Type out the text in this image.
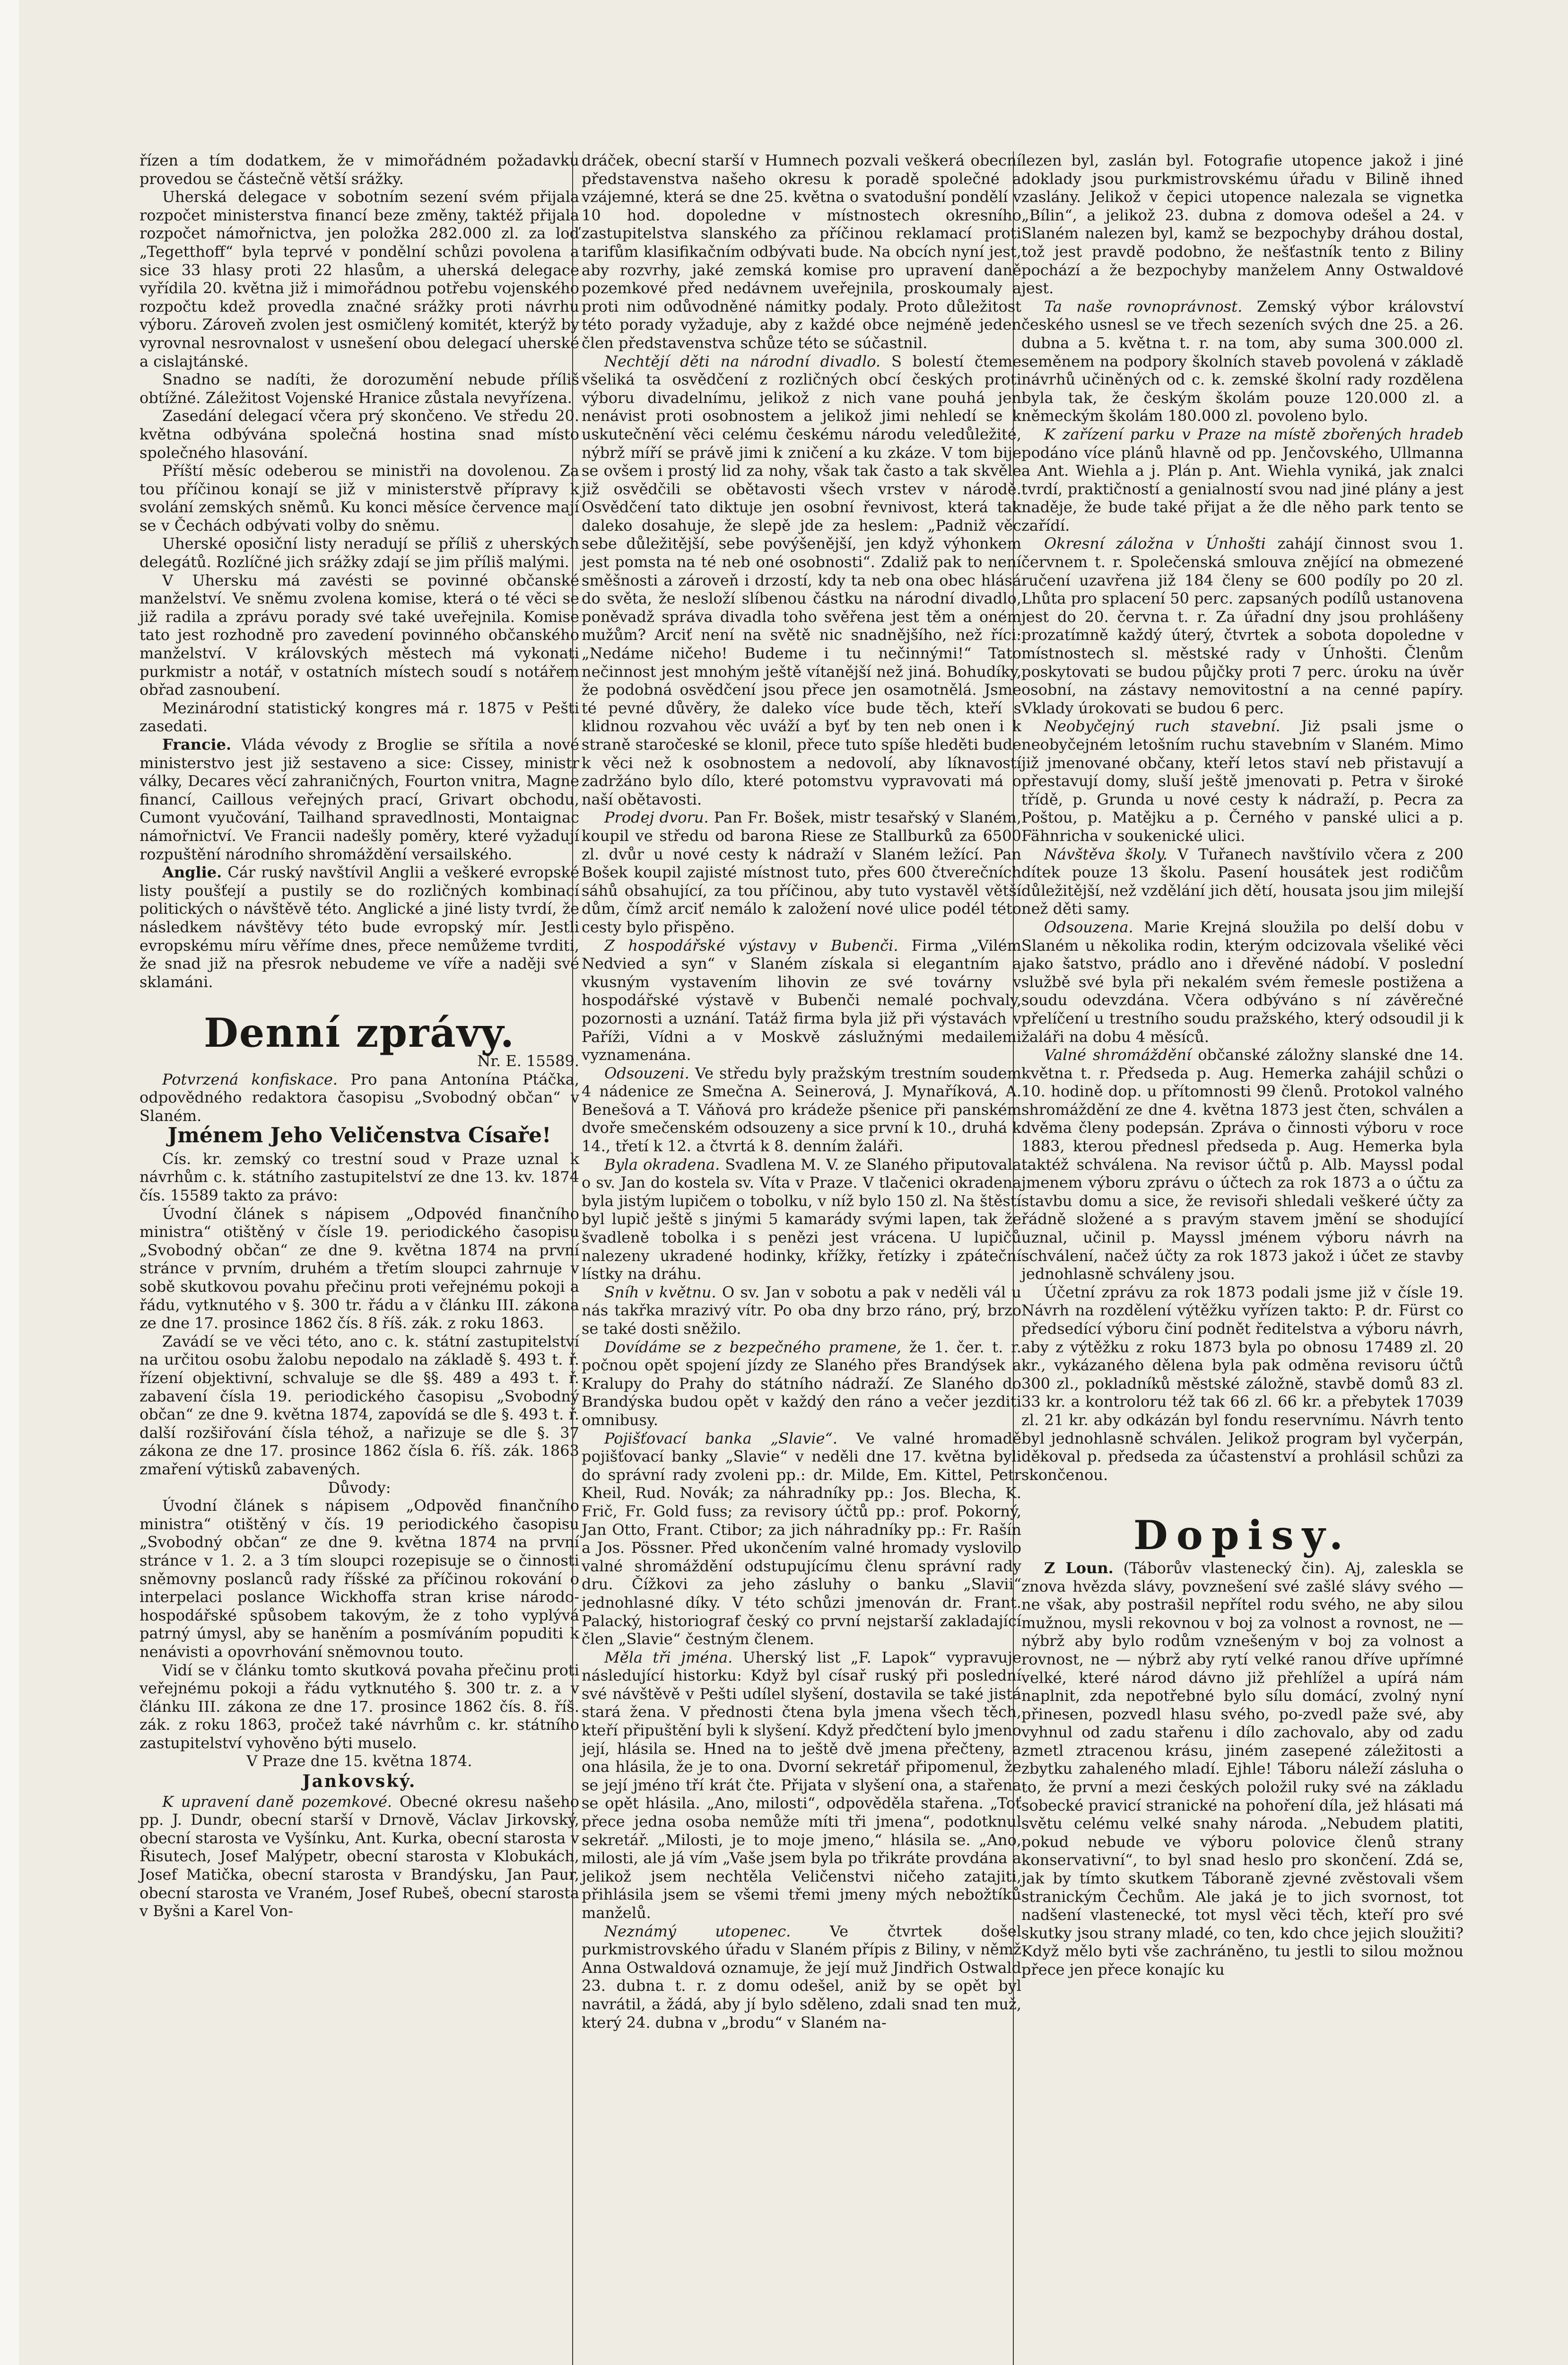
řízen a tím dodatkem, že v mimořádném požadavku provedou se částečně větší srážky.

Uherská delegace v sobotním sezení svém přijala rozpočet ministerstva financí beze změny, taktéž přijala rozpočet námořnictva, jen položka 282.000 zl. za loď „Tegetthoff“ byla teprvé v pondělní schůzi povolena a sice 33 hlasy proti 22 hlasům, a uherská delegace vyřídila 20. května již i mimořádnou potřebu vojenského rozpočtu kdež provedla značné srážky proti návrhu výboru. Zároveň zvolen jest osmičlený komitét, kterýž by vyrovnal nesrovnalost v usnešení obou delegací uherské a cislajtánské.

Snadno se nadíti, že dorozumění nebude příliš obtížné. Záležitost Vojenské Hranice zůstala nevyřízena.

Zasedání delegací včera prý skončeno. Ve středu 20. května odbývána společná hostina snad místo společného hlasování.

Příští měsíc odeberou se ministři na dovolenou. Za tou příčinou konají se již v ministerstvě přípravy k svolání zemských sněmů. Ku konci měsíce července mají se v Čechách odbývati volby do sněmu.

Uherské oposiční listy neradují se příliš z uherských delegátů. Rozlíčné jich srážky zdají se jim příliš malými.

V Uhersku má zavésti se povinné občanské manželství. Ve sněmu zvolena komise, která o té věci se již radila a zprávu porady své také uveřejnila. Komise tato jest rozhodně pro zavedení povinného občanského manželství. V královských městech má vykonati purkmistr a notář, v ostatních místech soudí s notářem obřad zasnoubení.

Mezinárodní statistický kongres má r. 1875 v Pešti zasedati.

Francie. Vláda vévody z Broglie se sřítila a nové ministerstvo jest již sestaveno a sice: Cissey, ministr války, Decares věcí zahraničných, Fourton vnitra, Magne financí, Caillous veřejných prací, Grivart obchodu, Cumont vyučování, Tailhand spravedlnosti, Montaignac námořnictví. Ve Francii nadešly poměry, které vyžadují rozpuštění národního shromáždění versailského.

Anglie. Cár ruský navštívil Anglii a veškeré evropské listy poušťejí a pustily se do rozličných kombinací politických o návštěvě této. Anglické a jiné listy tvrdí, že následkem návštěvy této bude evropský mír. Jestli evropskému míru věříme dnes, přece nemůžeme tvrditi, že snad již na přesrok nebudeme ve víře a naději své sklamáni.

Denní zprávy.

Nr. E. 15589.

Potvrzená konfiskace. Pro pana Antonína Ptáčka, odpovědného redaktora časopisu „Svobodný občan“ v Slaném.

Jménem Jeho Veličenstva Císaře!

Cís. kr. zemský co trestní soud v Praze uznal k návrhům c. k. státního zastupitelství ze dne 13. kv. 1874 čís. 15589 takto za právo:

Úvodní článek s nápisem „Odpovéd finančního ministra“ otištěný v čísle 19. periodického časopisu „Svobodný občan“ ze dne 9. května 1874 na první stránce v prvním, druhém a třetím sloupci zahrnuje v sobě skutkovou povahu přečinu proti veřejnému pokoji a řádu, vytknutého v §. 300 tr. řádu a v článku III. zákona ze dne 17. prosince 1862 čís. 8 říš. zák. z roku 1863.

Zavádí se ve věci této, ano c. k. státní zastupitelství na určitou osobu žalobu nepodalo na základě §. 493 t. ř. řízení objektivní, schvaluje se dle §§. 489 a 493 t. ř. zabavení čísla 19. periodického časopisu „Svobodný občan“ ze dne 9. května 1874, zapovídá se dle §. 493 t. ř. další rozšiřování čísla téhož, a nařizuje se dle §. 37 zákona ze dne 17. prosince 1862 čísla 6. říš. zák. 1863 zmaření výtisků zabavených.

Důvody:

Úvodní článek s nápisem „Odpověd finančního ministra“ otištěný v čís. 19 periodického časopisu „Svobodný občan“ ze dne 9. května 1874 na první stránce v 1. 2. a 3 tím sloupci rozepisuje se o činnosti sněmovny poslanců rady říšské za příčinou rokování o interpelaci poslance Wickhoffa stran krise národo-hospodářské spůsobem takovým, že z toho vyplývá patrný úmysl, aby se haněním a posmíváním popuditi k nenávisti a opovrhování sněmovnou touto.

Vidí se v článku tomto skutková povaha přečinu proti veřejnému pokoji a řádu vytknutého §. 300 tr. z. a v článku III. zákona ze dne 17. prosince 1862 čís. 8. říš. zák. z roku 1863, pročež také návrhům c. kr. státního zastupitelství vyhověno býti muselo.

V Praze dne 15. května 1874.

Jankovský.

K upravení daně pozemkové. Obecné okresu našeho pp. J. Dundr, obecní starší v Drnově, Václav Jirkovský, obecní starosta ve Vyšínku, Ant. Kurka, obecní starosta v Řisutech, Josef Malýpetr, obecní starosta v Klobukách, Josef Matička, obecní starosta v Brandýsku, Jan Paur, obecní starosta ve Vraném, Josef Rubeš, obecní starosta v Byšni a Karel Von-

dráček, obecní starší v Humnech pozvali veškerá obecní představenstva našeho okresu k poradě společné a vzájemné, která se dne 25. května o svatodušní pondělí v 10 hod. dopoledne v místnostech okresního zastupitelstva slanského za příčinou reklamací proti tarifům klasifikačním odbývati bude. Na obcích nyní jest, aby rozvrhy, jaké zemská komise pro upravení daně pozemkové před nedávnem uveřejnila, proskoumaly a proti nim odůvodněné námitky podaly. Proto důležitost této porady vyžaduje, aby z každé obce nejméně jeden člen představenstva schůze této se súčastnil.

Nechtějí děti na národní divadlo. S bolestí čteme všeliká ta osvědčení z rozličných obcí českých proti výboru divadelnímu, jelikož z nich vane pouhá jen nenávist proti osobnostem a jelikož jimi nehledí se k uskutečnění věci celému českému národu veledůležité, nýbrž míří se právě jimi k zničení a ku zkáze. V tom bije se ovšem i prostý lid za nohy, však tak často a tak skvěle již osvědčili se obětavosti všech vrstev v národě. Osvědčení tato diktuje jen osobní řevnivost, která tak daleko dosahuje, že slepě jde za heslem: „Padniž věc sebe důležitější, sebe povýšenější, jen když výhonkem jest pomsta na té neb oné osobnosti“. Zdaliž pak to není směšnosti a zároveň i drzostí, kdy ta neb ona obec hlásá do světa, že nesloží slíbenou částku na národní divadlo, poněvadž správa divadla toho svěřena jest těm a oném mužům? Arciť není na světě nic snadnějšího, než říci: „Nedáme ničeho! Budeme i tu nečinnými!“ Tato nečinnost jest mnohým ještě vítanější než jiná. Bohudíky, že podobná osvědčení jsou přece jen osamotnělá. Jsme té pevné důvěry, že daleko více bude těch, kteří s klidnou rozvahou věc uváží a byť by ten neb onen i k straně staročeské se klonil, přece tuto spíše hleděti bude k věci než k osobnostem a nedovolí, aby líknavostí zadržáno bylo dílo, které potomstvu vypravovati má o naší obětavosti.

Prodej dvoru. Pan Fr. Bošek, mistr tesařský v Slaném, koupil ve středu od barona Riese ze Stallburků za 6500 zl. dvůr u nové cesty k nádraží v Slaném ležící. Pan Bošek koupil zajisté místnost tuto, přes 600 čtverečních sáhů obsahující, za tou příčinou, aby tuto vystavěl větší dům, čímž arciť nemálo k založení nové ulice podél této cesty bylo přispěno.

Z hospodářské výstavy v Bubenči. Firma „Vilém Nedvied a syn“ v Slaném získala si elegantním a vkusným vystavením lihovin ze své továrny v hospodářské výstavě v Bubenči nemalé pochvaly, pozornosti a uznání. Tatáž firma byla již při výstavách v Paříži, Vídni a v Moskvě záslužnými medailemi vyznamenána.

Odsouzeni. Ve středu byly pražským trestním soudem 4 nádenice ze Smečna A. Seinerová, J. Mynaříková, A. Benešová a T. Váňová pro krádeže pšenice při panském dvoře smečenském odsouzeny a sice první k 10., druhá k 14., třetí k 12. a čtvrtá k 8. denním žaláři.

Byla okradena. Svadlena M. V. ze Slaného připutovala o sv. Jan do kostela sv. Víta v Praze. V tlačenici okradena byla jistým lupičem o tobolku, v níž bylo 150 zl. Na štěstí byl lupič ještě s jinými 5 kamarády svými lapen, tak že švadleně tobolka i s penězi jest vrácena. U lupičů nalezeny ukradené hodinky, křížky, řetízky i zpáteční lístky na dráhu.

Sníh v květnu. O sv. Jan v sobotu a pak v neděli vál u nás takřka mrazivý vítr. Po oba dny brzo ráno, prý, brzo se také dosti sněžilo.

Dovídáme se z bezpečného pramene, že 1. čer. t. r. počnou opět spojení jízdy ze Slaného přes Brandýsek a Kralupy do Prahy do státního nádraží. Ze Slaného do Brandýska budou opět v každý den ráno a večer jezditi omnibusy.

Pojišťovací banka „Slavie“. Ve valné hromadě pojišťovací banky „Slavie“ v neděli dne 17. května byli do správní rady zvoleni pp.: dr. Milde, Em. Kittel, Petr Kheil, Rud. Novák; za náhradníky pp.: Jos. Blecha, K. Frič, Fr. Gold fuss; za revisory účtů pp.: prof. Pokorný, Jan Otto, Frant. Ctibor; za jich náhradníky pp.: Fr. Rašín a Jos. Pössner. Před ukončením valné hromady vyslovilo valné shromáždění odstupujícímu členu správní rady dru. Čížkovi za jeho zásluhy o banku „Slavii“ jednohlasné díky. V této schůzi jmenován dr. Frant. Palacký, historiograf český co první nejstarší zakladající člen „Slavie“ čestným členem.

Měla tři jména. Uherský list „F. Lapok“ vypravuje následující historku: Když byl císař ruský při poslední své návštěvě v Pešti udílel slyšení, dostavila se také jistá stará žena. V přednosti čtena byla jmena všech těch, kteří připuštění byli k slyšení. Když předčtení bylo jmeno její, hlásila se. Hned na to ještě dvě jmena přečteny, a ona hlásila, že je to ona. Dvorní sekretář připomenul, že se její jméno tří krát čte. Přijata v slyšení ona, a stařena se opět hlásila. „Ano, milosti“, odpověděla stařena. „Toť přece jedna osoba nemůže míti tři jmena“, podotknul sekretář. „Milosti, je to moje jmeno,“ hlásila se. „Ano, milosti, ale já vím „Vaše jsem byla po třikráte provdána a jelikož jsem nechtěla Veličenstvi ničeho zatajiti, přihlásila jsem se všemi třemi jmeny mých nebožtíků manželů.

Neznámý utopenec. Ve čtvrtek došel purkmistrovského úřadu v Slaném přípis z Biliny, v němž Anna Ostwaldová oznamuje, že její muž Jindřich Ostwald 23. dubna t. r. z domu odešel, aniž by se opět byl navrátil, a žádá, aby jí bylo sděleno, zdali snad ten muž, který 24. dubna v „brodu“ v Slaném na-

lezen byl, zaslán byl. Fotografie utopence jakož i jiné doklady jsou purkmistrovskému úřadu v Bilině ihned zaslány. Jelikož v čepici utopence nalezala se vignetka „Bílin“, a jelikož 23. dubna z domova odešel a 24. v Slaném nalezen byl, kamž se bezpochyby dráhou dostal, tož jest pravdě podobno, že nešťastník tento z Biliny pochází a že bezpochyby manželem Anny Ostwaldové jest.

Ta naše rovnoprávnost. Zemský výbor království českého usnesl se ve třech sezeních svých dne 25. a 26. dubna a 5. května t. r. na tom, aby suma 300.000 zl. seměnem na podpory školních staveb povolená v základě návrhů učiněných od c. k. zemské školní rady rozdělena byla tak, že českým školám pouze 120.000 zl. a německým školám 180.000 zl. povoleno bylo.

K zařízení parku v Praze na místě zbořených hradeb podáno více plánů hlavně od pp. Jenčovského, Ullmanna a Ant. Wiehla a j. Plán p. Ant. Wiehla vyniká, jak znalci tvrdí, praktičností a genialností svou nad jiné plány a jest naděje, že bude také přijat a že dle něho park tento se zařídí.

Okresní záložna v Únhošti zahájí činnost svou 1. červnem t. r. Společenská smlouva znějící na obmezené ručení uzavřena již 184 členy se 600 podíly po 20 zl. Lhůta pro splacení 50 perc. zapsaných podílů ustanovena jest do 20. června t. r. Za úřadní dny jsou prohlášeny prozatímně každý úterý, čtvrtek a sobota dopoledne v místnostech sl. městské rady v Únhošti. Členům poskytovati se budou půjčky proti 7 perc. úroku na úvěr osobní, na zástavy nemovitostní a na cenné papíry. Vklady úrokovati se budou 6 perc.

Neobyčejný ruch stavební. Jiż psali jsme o neobyčejném letošním ruchu stavebním v Slaném. Mimo již jmenované občany, kteří letos staví neb přistavují a přestavují domy, sluší ještě jmenovati p. Petra v široké třídě, p. Grunda u nové cesty k nádraží, p. Pecra za Poštou, p. Matějku a p. Černého v panské ulici a p. Fähnricha v soukenické ulici.

Návštěva školy. V Tuřanech navštívilo včera z 200 dítek pouze 13 školu. Pasení housátek jest rodičům důležitější, než vzdělání jich dětí, housata jsou jim milejší než děti samy.

Odsouzena. Marie Krejná sloužila po delší dobu v Slaném u několika rodin, kterým odcizovala všeliké věci jako šatstvo, prádlo ano i dřevěné nádobí. V poslední službě své byla při nekalém svém řemesle postižena a soudu odevzdána. Včera odbýváno s ní závěrečné přelíčení u trestního soudu pražského, který odsoudil ji k žaláři na dobu 4 měsíců.

Valné shromáždění občanské záložny slanské dne 14. května t. r. Předseda p. Aug. Hemerka zahájil schůzi o 10. hodině dop. u přítomnosti 99 členů. Protokol valného shromáždění ze dne 4. května 1873 jest čten, schválen a dvěma členy podepsán. Zpráva o činnosti výboru v roce 1883, kterou přednesl předseda p. Aug. Hemerka byla taktéž schválena. Na revisor účtů p. Alb. Mayssl podal jmenem výboru zprávu o účtech za rok 1873 a o účtu za stavbu domu a sice, že revisoři shledali veškeré účty za řádně složené a s pravým stavem jmění se shodující uznal, učinil p. Mayssl jménem výboru návrh na schválení, načež účty za rok 1873 jakož i účet ze stavby jednohlasně schváleny jsou.

Účetní zprávu za rok 1873 podali jsme již v čísle 19. Návrh na rozdělení výtěžku vyřízen takto: P. dr. Fürst co předsedící výboru činí podnět ředitelstva a výboru návrh, aby z výtěžku z roku 1873 byla po obnosu 17489 zl. 20 kr., vykázaného dělena byla pak odměna revisoru účtů 300 zl., pokladníků městské záložně, stavbě domů 83 zl. 33 kr. a kontroloru též tak 66 zl. 66 kr. a přebytek 17039 zl. 21 kr. aby odkázán byl fondu reservnímu. Návrh tento byl jednohlasně schválen. Jelikož program byl vyčerpán, děkoval p. předseda za účastenství a prohlásil schůzi za skončenou.

Dopisy.

Z Loun. (Táborův vlastenecký čin). Aj, zaleskla se znova hvězda slávy, povznešení své zašlé slávy svého — ne však, aby postrašil nepřítel rodu svého, ne aby silou mužnou, mysli rekovnou v boj za volnost a rovnost, ne — nýbrž aby bylo rodům vznešeným v boj za volnost a rovnost, ne — nýbrž aby rytí velké ranou dříve upřímné velké, které národ dávno již přehlížel a upírá nám naplnit, zda nepotřebné bylo sílu domácí, zvolný nyní přinesen, pozvedl hlasu svého, po-zvedl paže své, aby vyhnul od zadu stařenu i dílo zachovalo, aby od zadu zmetl ztracenou krásu, jiném zasepené záležitosti a zbytku zahaleného mladí. Ejhle! Táboru náleží zásluha o to, že první a mezi českých položil ruky své na základu sobecké pravicí stranické na pohoření díla, jež hlásati má světu celému velké snahy národa. „Nebudem platiti, pokud nebude ve výboru polovice členů strany konservativní“, to byl snad heslo pro skončení. Zdá se, jak by tímto skutkem Táboraně zjevné zvěstovali všem stranickým Čechům. Ale jaká je to jich svornost, tot nadšení vlastenecké, tot mysl věci těch, kteří pro své skutky jsou strany mladé, co ten, kdo chce jejich sloužiti? Když mělo byti vše zachráněno, tu jestli to silou možnou přece jen přece konajíc ku
